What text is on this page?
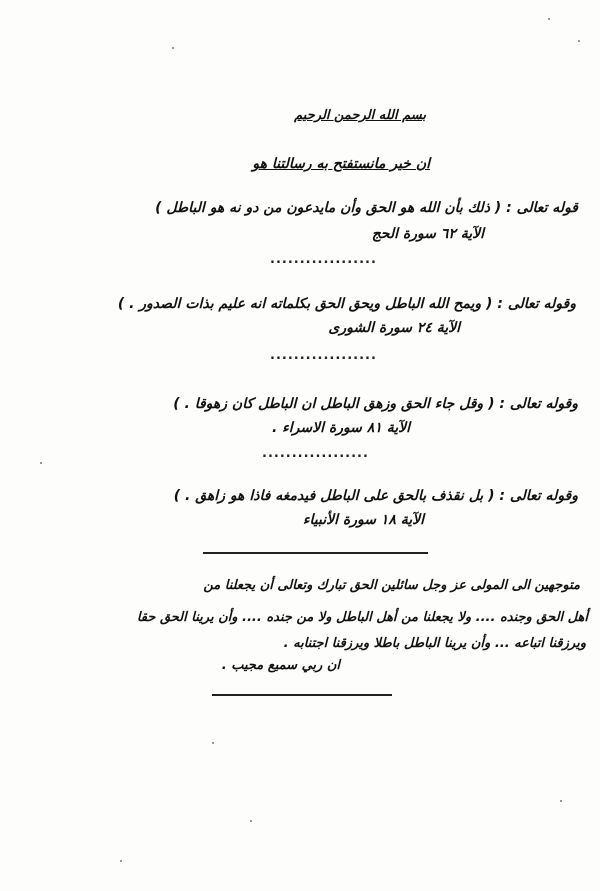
بسم الله الرحمن الرحيم
ان خير مانستفتح به رسالتنا هو
قوله تعالى : ( ذلك بأن الله هو الحق وأن مايدعون من دو نه هو الباطل )
الآية ٦٢ سورة الحج
..................
وقوله تعالى : ( ويمح الله الباطل ويحق الحق بكلماته انه عليم بذات الصدور . )
الآية ٢٤ سورة الشورى
..................
وقوله تعالى : ( وقل جاء الحق وزهق الباطل ان الباطل كان زهوقا . )
الآية ٨١ سورة الاسراء .
..................
وقوله تعالى : ( بل نقذف بالحق على الباطل فيدمغه فاذا هو زاهق . )
الآية ١٨ سورة الأنبياء
متوجهين الى المولى عز وجل سائلين الحق تبارك وتعالى أن يجعلنا من
أهل الحق وجنده .... ولا يجعلنا من أهل الباطل ولا من جنده .... وأن يرينا الحق حقا
ويرزقنا اتباعه ... وأن يرينا الباطل باطلا ويرزقنا اجتنابه .
ان ربي سميع مجيب .
